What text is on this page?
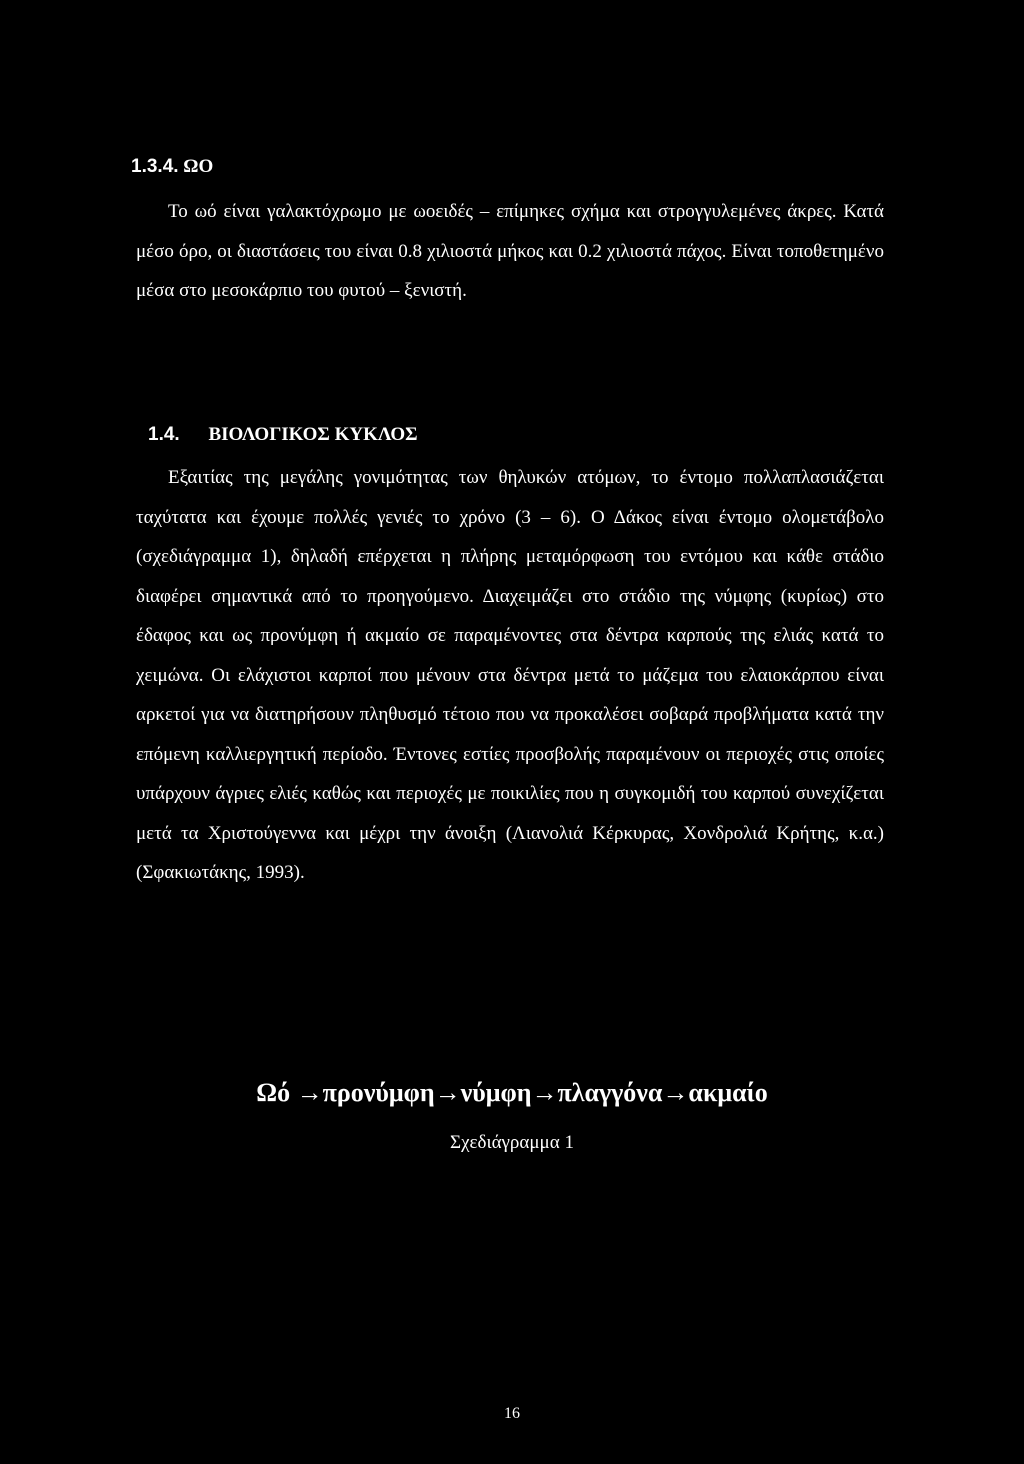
1.3.4. ΩΟ
Το ωό είναι γαλακτόχρωμο με ωοειδές – επίμηκες σχήμα και στρογγυλεμένες άκρες. Κατά μέσο όρο, οι διαστάσεις του είναι 0.8 χιλιοστά μήκος και 0.2 χιλιοστά πάχος. Είναι τοποθετημένο μέσα στο μεσοκάρπιο του φυτού – ξενιστή.
1.4. ΒΙΟΛΟΓΙΚΟΣ ΚΥΚΛΟΣ
Εξαιτίας της μεγάλης γονιμότητας των θηλυκών ατόμων, το έντομο πολλαπλασιάζεται ταχύτατα και έχουμε πολλές γενιές το χρόνο (3 – 6). Ο Δάκος είναι έντομο ολομετάβολο (σχεδιάγραμμα 1), δηλαδή επέρχεται η πλήρης μεταμόρφωση του εντόμου και κάθε στάδιο διαφέρει σημαντικά από το προηγούμενο. Διαχειμάζει στο στάδιο της νύμφης (κυρίως) στο έδαφος και ως προνύμφη ή ακμαίο σε παραμένοντες στα δέντρα καρπούς της ελιάς κατά το χειμώνα. Οι ελάχιστοι καρποί που μένουν στα δέντρα μετά το μάζεμα του ελαιοκάρπου είναι αρκετοί για να διατηρήσουν πληθυσμό τέτοιο που να προκαλέσει σοβαρά προβλήματα κατά την επόμενη καλλιεργητική περίοδο. Έντονες εστίες προσβολής παραμένουν οι περιοχές στις οποίες υπάρχουν άγριες ελιές καθώς και περιοχές με ποικιλίες που η συγκομιδή του καρπού συνεχίζεται μετά τα Χριστούγεννα και μέχρι την άνοιξη (Λιανολιά Κέρκυρας, Χονδρολιά Κρήτης, κ.α.) (Σφακιωτάκης, 1993).
Ωό →προνύμφη→νύμφη→πλαγγόνα→ακμαίο
Σχεδιάγραμμα 1
16
